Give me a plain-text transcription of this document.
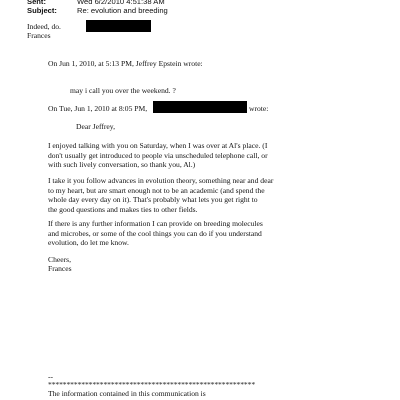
Sent:	Wed 6/2/2010 4:51:38 AM
Subject:	Re: evolution and breeding
Indeed, do.
Frances
On Jun 1, 2010, at 5:13 PM, Jeffrey Epstein wrote:
may i call you over the weekend. ?
On Tue, Jun 1, 2010 at 8:05 PM,	wrote:
Dear Jeffrey,
I enjoyed talking with you on Saturday, when I was over at Al's place. (I
don't usually get introduced to people via unscheduled telephone call, or
with such lively conversation, so thank you, Al.)
I take it you follow advances in evolution theory, something near and dear
to my heart, but are smart enough not to be an academic (and spend the
whole day every day on it). That's probably what lets you get right to
the good questions and makes ties to other fields.
If there is any further information I can provide on breeding molecules
and microbes, or some of the cool things you can do if you understand
evolution, do let me know.
Cheers,
Frances
--
********************************************************
The information contained in this communication is
